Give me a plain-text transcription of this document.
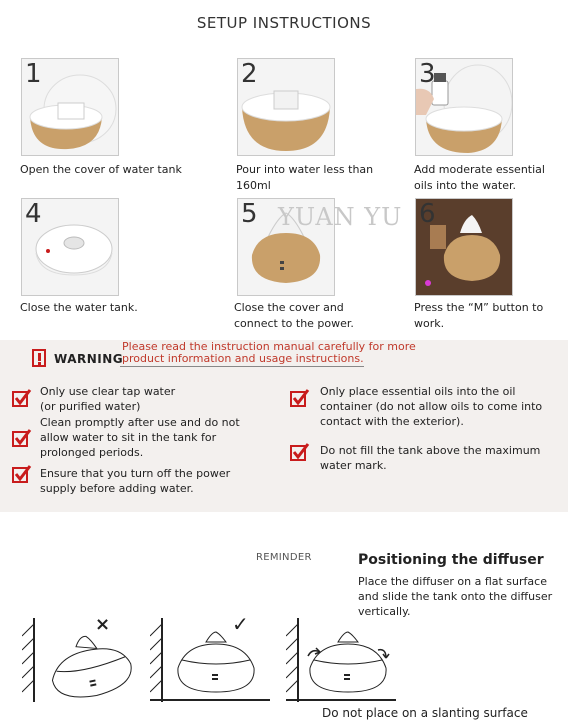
SETUP INSTRUCTIONS
1
Open the cover of water tank
2
Pour into water less than 160ml
3
Add moderate essential oils into the water.
4
Close the water tank.
5
Close the cover and connect to the power.
6
Press the “M” button to work.
YUAN YU
WARNING
Please read the instruction manual carefully for more product information and usage instructions.
Only use clear tap water
(or purified water)
Clean promptly after use and do not allow water to sit in the tank for prolonged periods.
Ensure that you turn off the power supply before adding water.
Only place essential oils into the oil container (do not allow oils to come into contact with the exterior).
Do not fill the tank above the maximum water mark.
REMINDER	Positioning the diffuser
Place the diffuser on a flat surface and slide the tank onto the diffuser vertically.
×	✓
Do not place on a slanting surface
